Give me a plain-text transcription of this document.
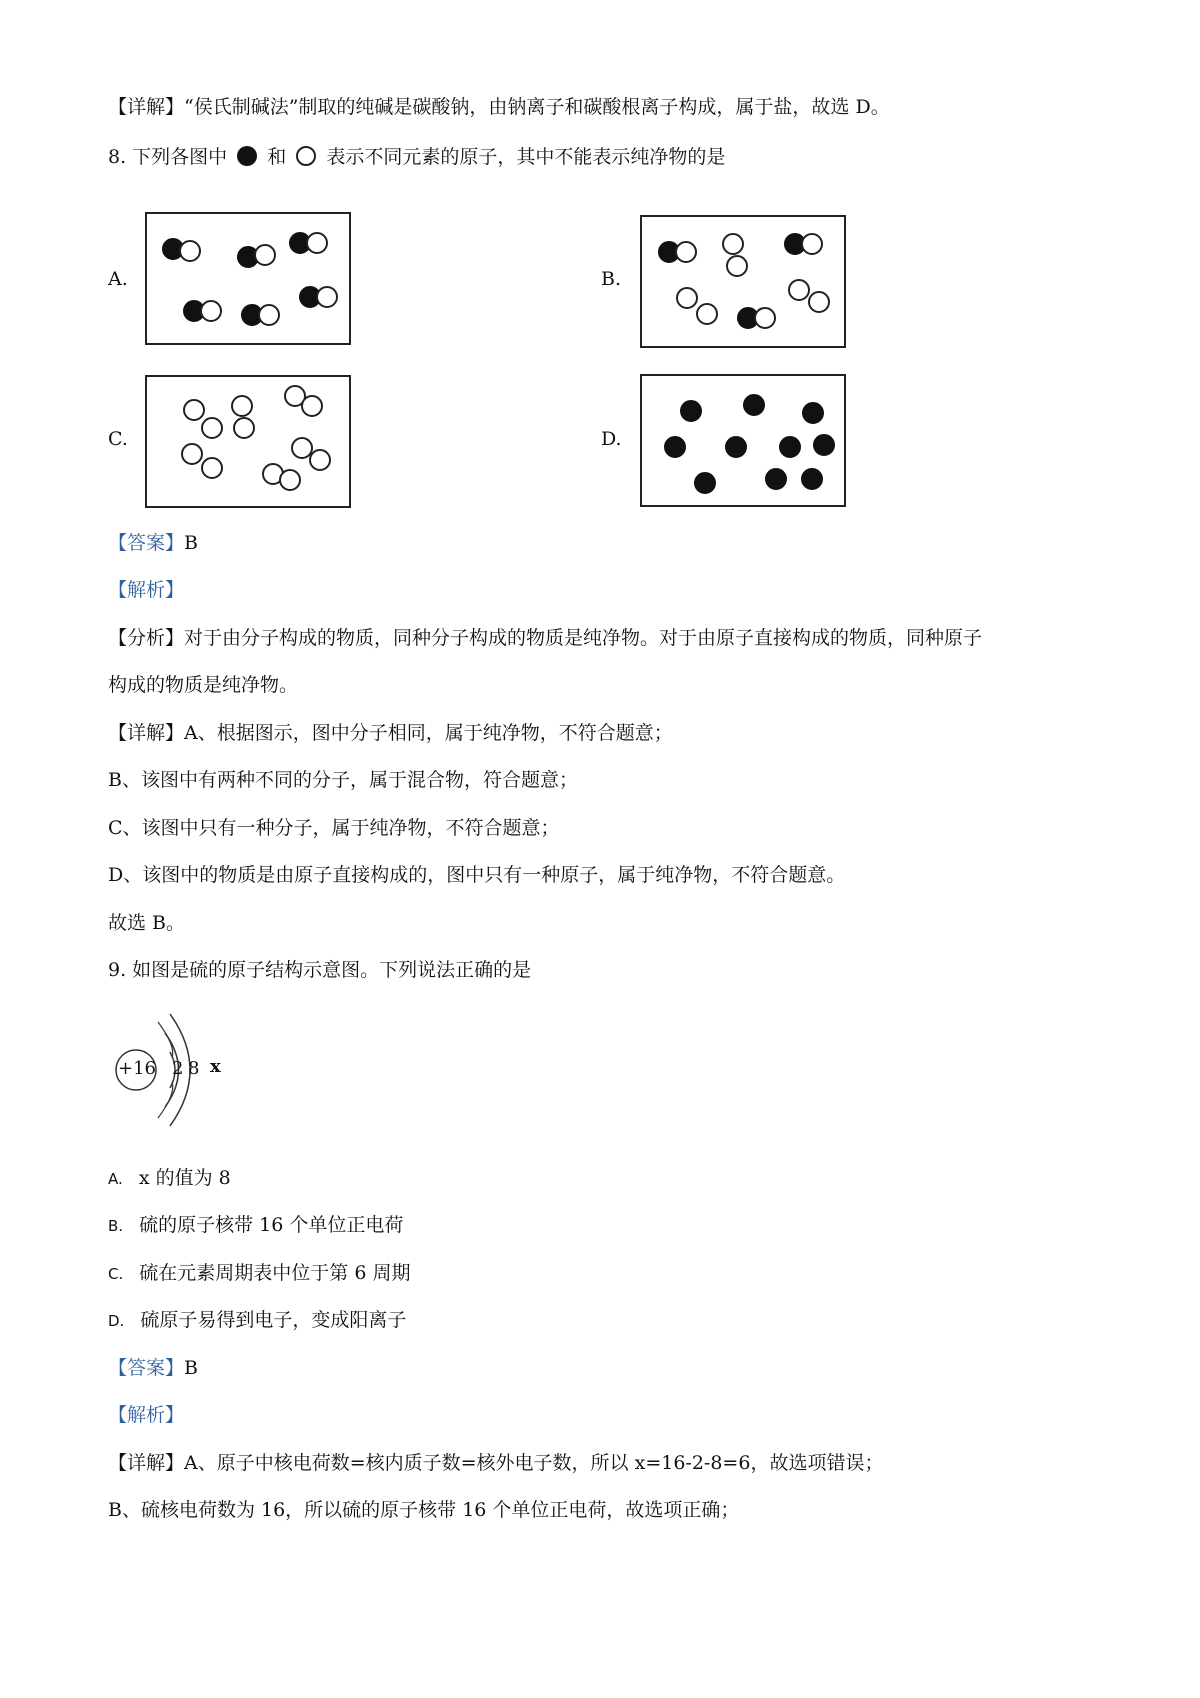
【详解】“侯氏制碱法”制取的纯碱是碳酸钠，由钠离子和碳酸根离子构成，属于盐，故选 D。
8. 下列各图中 和 表示不同元素的原子，其中不能表示纯净物的是
A.	B.
C.	D.
【答案】B
【解析】
【分析】对于由分子构成的物质，同种分子构成的物质是纯净物。对于由原子直接构成的物质，同种原子
构成的物质是纯净物。
【详解】A、根据图示，图中分子相同，属于纯净物，不符合题意；
B、该图中有两种不同的分子，属于混合物，符合题意；
C、该图中只有一种分子，属于纯净物，不符合题意；
D、该图中的物质是由原子直接构成的，图中只有一种原子，属于纯净物，不符合题意。
故选 B。
9. 如图是硫的原子结构示意图。下列说法正确的是
+16 2 8 x
A. x 的值为 8
B. 硫的原子核带 16 个单位正电荷
C. 硫在元素周期表中位于第 6 周期
D. 硫原子易得到电子，变成阳离子
【答案】B
【解析】
【详解】A、原子中核电荷数=核内质子数=核外电子数，所以 x=16-2-8=6，故选项错误；
B、硫核电荷数为 16，所以硫的原子核带 16 个单位正电荷，故选项正确；
